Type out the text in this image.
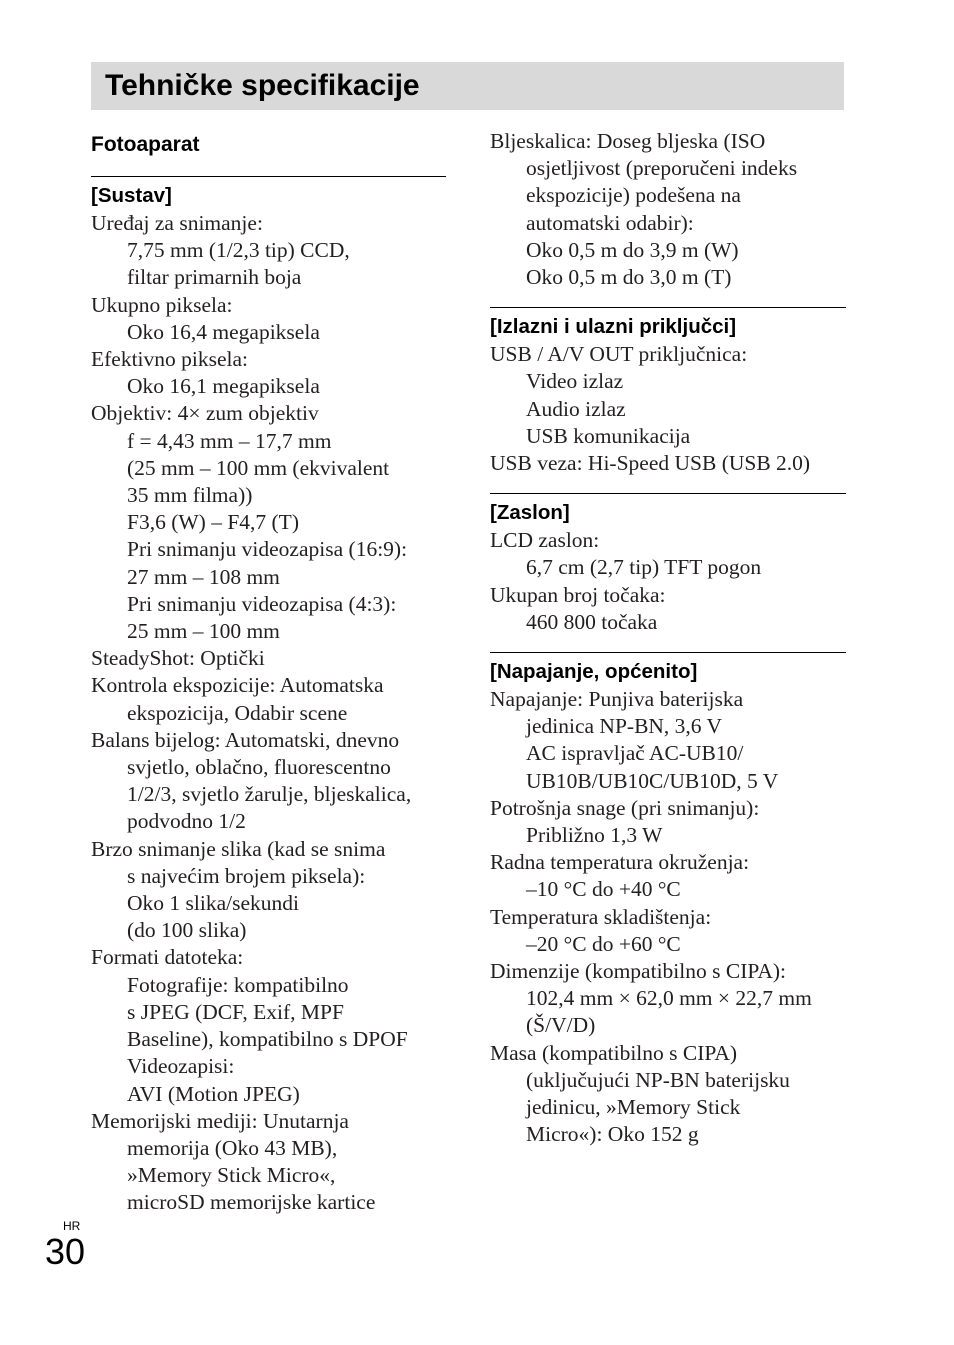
Tehničke specifikacije
Fotoaparat
[Sustav]
Uređaj za snimanje:
7,75 mm (1/2,3 tip) CCD,
filtar primarnih boja
Ukupno piksela:
Oko 16,4 megapiksela
Efektivno piksela:
Oko 16,1 megapiksela
Objektiv: 4× zum objektiv
f = 4,43 mm – 17,7 mm
(25 mm – 100 mm (ekvivalent
35 mm filma))
F3,6 (W) – F4,7 (T)
Pri snimanju videozapisa (16:9):
27 mm – 108 mm
Pri snimanju videozapisa (4:3):
25 mm – 100 mm
SteadyShot: Optički
Kontrola ekspozicije: Automatska
ekspozicija, Odabir scene
Balans bijelog: Automatski, dnevno
svjetlo, oblačno, fluorescentno
1/2/3, svjetlo žarulje, bljeskalica,
podvodno 1/2
Brzo snimanje slika (kad se snima
s najvećim brojem piksela):
Oko 1 slika/sekundi
(do 100 slika)
Formati datoteka:
Fotografije: kompatibilno
s JPEG (DCF, Exif, MPF
Baseline), kompatibilno s DPOF
Videozapisi:
AVI (Motion JPEG)
Memorijski mediji: Unutarnja
memorija (Oko 43 MB),
»Memory Stick Micro«,
microSD memorijske kartice
Bljeskalica: Doseg bljeska (ISO
osjetljivost (preporučeni indeks
ekspozicije) podešena na
automatski odabir):
Oko 0,5 m do 3,9 m (W)
Oko 0,5 m do 3,0 m (T)
[Izlazni i ulazni priključci]
USB / A/V OUT priključnica:
Video izlaz
Audio izlaz
USB komunikacija
USB veza: Hi-Speed USB (USB 2.0)
[Zaslon]
LCD zaslon:
6,7 cm (2,7 tip) TFT pogon
Ukupan broj točaka:
460 800 točaka
[Napajanje, općenito]
Napajanje: Punjiva baterijska
jedinica NP-BN, 3,6 V
AC ispravljač AC-UB10/
UB10B/UB10C/UB10D, 5 V
Potrošnja snage (pri snimanju):
Približno 1,3 W
Radna temperatura okruženja:
–10 °C do +40 °C
Temperatura skladištenja:
–20 °C do +60 °C
Dimenzije (kompatibilno s CIPA):
102,4 mm × 62,0 mm × 22,7 mm
(Š/V/D)
Masa (kompatibilno s CIPA)
(uključujući NP-BN baterijsku
jedinicu, »Memory Stick
Micro«): Oko 152 g
HR
30
